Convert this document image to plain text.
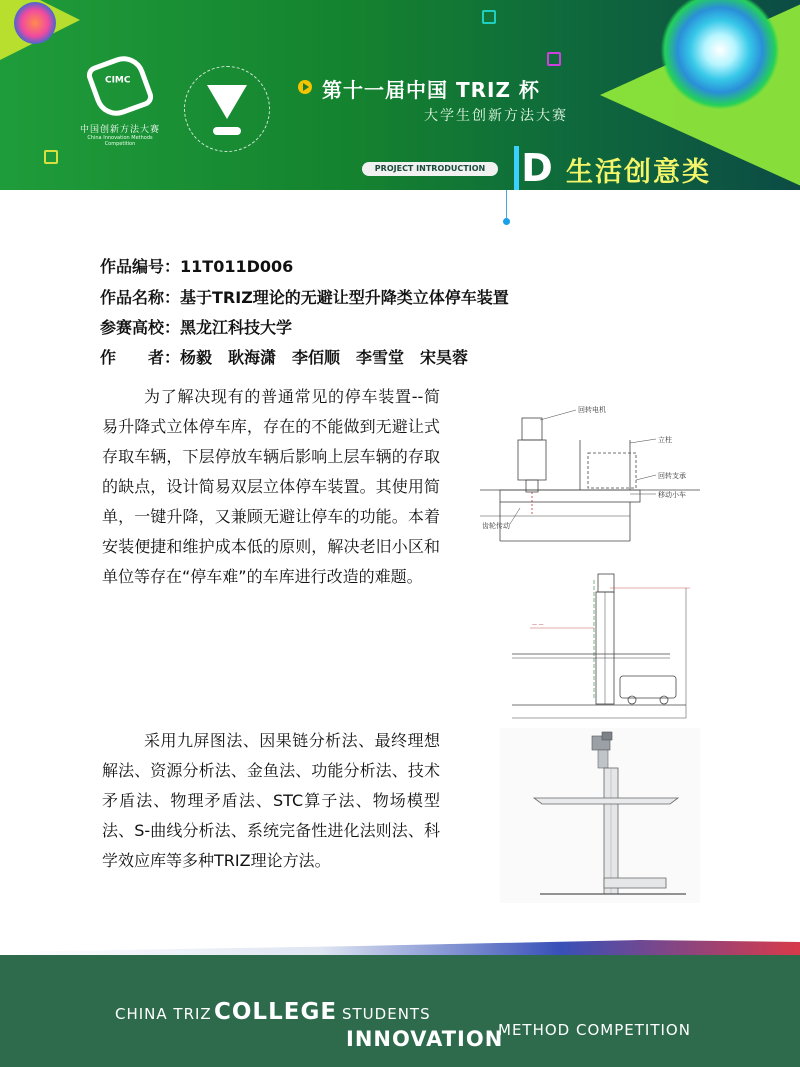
CIMC
中国创新方法大赛
China Innovation Methods Competition
第十一届中国 TRIZ 杯
大学生创新方法大赛
PROJECT INTRODUCTION D 生活创意类
作品编号：11T011D006
作品名称：基于TRIZ理论的无避让型升降类立体停车装置
参赛高校：黑龙江科技大学
作　　者：杨毅　耿海潇　李佰顺　李雪堂　宋昊蓉
为了解决现有的普通常见的停车装置--简易升降式立体停车库，存在的不能做到无避让式存取车辆，下层停放车辆后影响上层车辆的存取的缺点，设计简易双层立体停车装置。其使用简单，一键升降，又兼顾无避让停车的功能。本着安装便捷和维护成本低的原则，解决老旧小区和单位等存在“停车难”的车库进行改造的难题。
采用九屏图法、因果链分析法、最终理想解法、资源分析法、金鱼法、功能分析法、技术矛盾法、物理矛盾法、STC算子法、物场模型法、S-曲线分析法、系统完备性进化法则法、科学效应库等多种TRIZ理论方法。
回转电机
立柱
回转支承
移动小车
齿轮传动
— —
CHINA TRIZ COLLEGE STUDENTS
INNOVATION
METHOD COMPETITION
